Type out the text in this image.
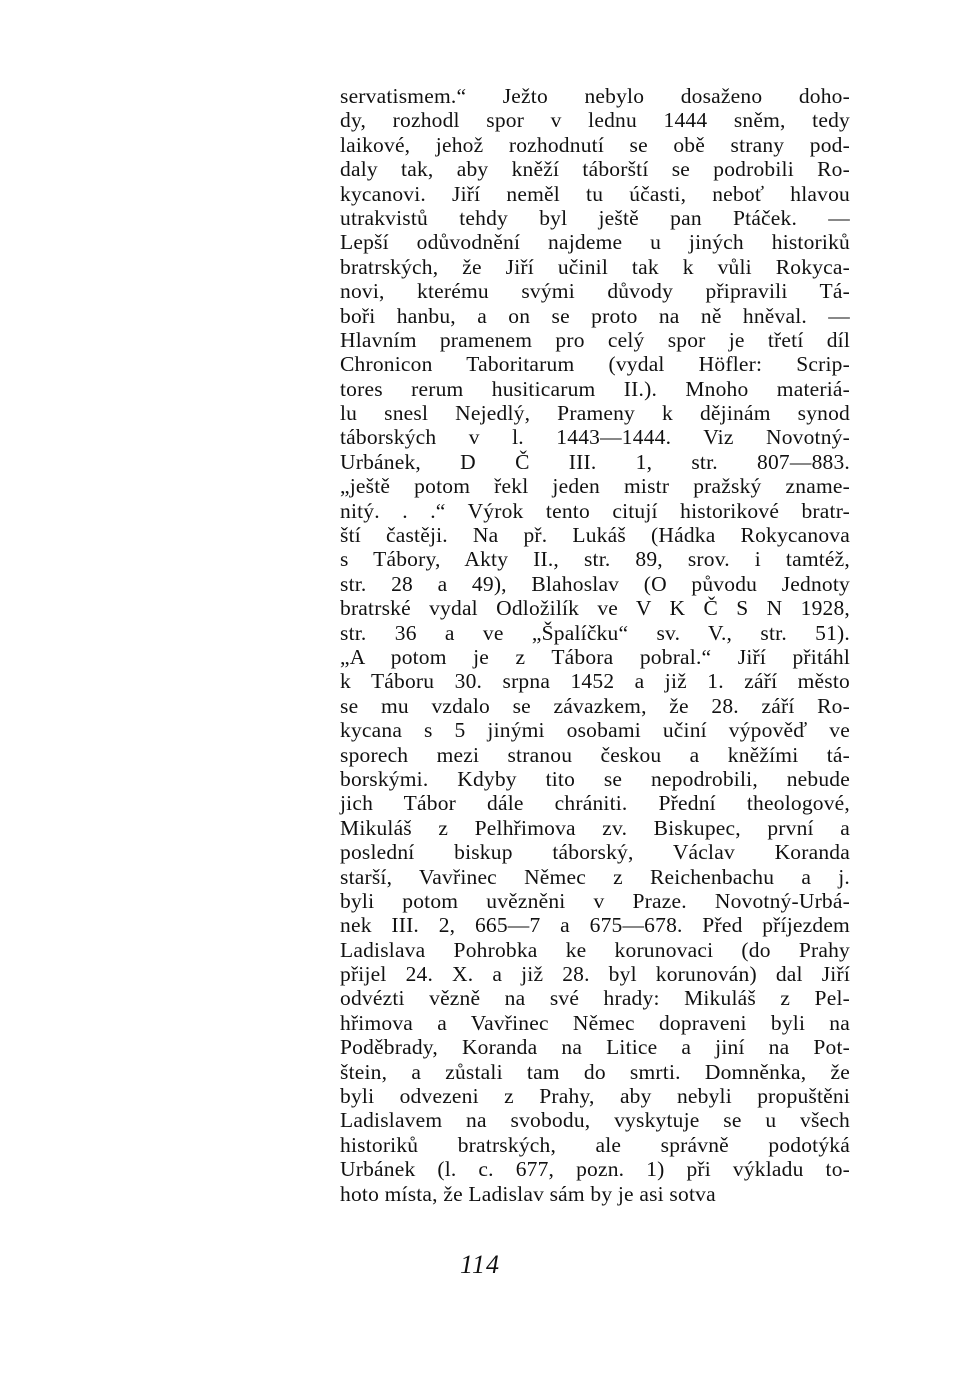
servatismem.“ Ježto nebylo dosaženo doho-
dy, rozhodl spor v lednu 1444 sněm, tedy
laikové, jehož rozhodnutí se obě strany pod-
daly tak, aby kněží táborští se podrobili Ro-
kycanovi. Jiří neměl tu účasti, neboť hlavou
utrakvistů tehdy byl ještě pan Ptáček. —
Lepší odůvodnění najdeme u jiných historiků
bratrských, že Jiří učinil tak k vůli Rokyca-
novi, kterému svými důvody připravili Tá-
boři hanbu, a on se proto na ně hněval. —
Hlavním pramenem pro celý spor je třetí díl
Chronicon Taboritarum (vydal Höfler: Scrip-
tores rerum husiticarum II.). Mnoho materiá-
lu snesl Nejedlý, Prameny k dějinám synod
táborských v l. 1443—1444. Viz Novotný-
Urbánek, D Č III. 1, str. 807—883.
„ještě potom řekl jeden mistr pražský zname-
nitý. . .“ Výrok tento citují historikové bratr-
ští častěji. Na př. Lukáš (Hádka Rokycanova
s Tábory, Akty II., str. 89, srov. i tamtéž,
str. 28 a 49), Blahoslav (O původu Jednoty
bratrské vydal Odložilík ve V K Č S N 1928,
str. 36 a ve „Špalíčku“ sv. V., str. 51).
„A potom je z Tábora pobral.“ Jiří přitáhl
k Táboru 30. srpna 1452 a již 1. září město
se mu vzdalo se závazkem, že 28. září Ro-
kycana s 5 jinými osobami učiní výpověď ve
sporech mezi stranou českou a kněžími tá-
borskými. Kdyby tito se nepodrobili, nebude
jich Tábor dále chrániti. Přední theologové,
Mikuláš z Pelhřimova zv. Biskupec, první a
poslední biskup táborský, Václav Koranda
starší, Vavřinec Němec z Reichenbachu a j.
byli potom uvězněni v Praze. Novotný-Urbá-
nek III. 2, 665—7 a 675—678. Před příjezdem
Ladislava Pohrobka ke korunovaci (do Prahy
přijel 24. X. a již 28. byl korunován) dal Jiří
odvézti vězně na své hrady: Mikuláš z Pel-
hřimova a Vavřinec Němec dopraveni byli na
Poděbrady, Koranda na Litice a jiní na Pot-
štein, a zůstali tam do smrti. Domněnka, že
byli odvezeni z Prahy, aby nebyli propuštěni
Ladislavem na svobodu, vyskytuje se u všech
historiků bratrských, ale správně podotýká
Urbánek (l. c. 677, pozn. 1) při výkladu to-
hoto místa, že Ladislav sám by je asi sotva
114
